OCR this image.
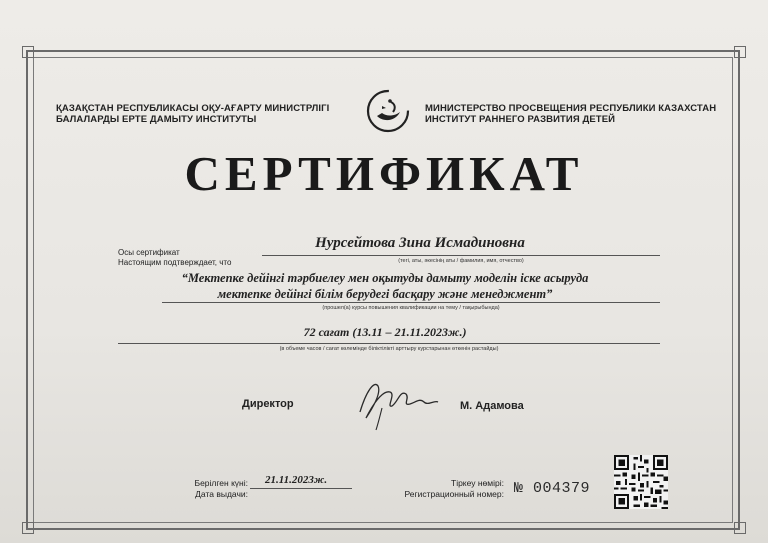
ҚАЗАҚСТАН РЕСПУБЛИКАСЫ ОҚУ-АҒАРТУ МИНИСТРЛІГІ
БАЛАЛАРДЫ ЕРТЕ ДАМЫТУ ИНСТИТУТЫ
МИНИСТЕРСТВО ПРОСВЕЩЕНИЯ РЕСПУБЛИКИ КАЗАХСТАН
ИНСТИТУТ РАННЕГО РАЗВИТИЯ ДЕТЕЙ
СЕРТИФИКАТ
Осы сертификат
Настоящим подтверждает, что
Нурсейтова Зина Исмадиновна
(тегі, аты, әкесінің аты / фамилия, имя, отчество)
“Мектепке дейінгі тәрбиелеу мен оқытуды дамыту моделін іске асыруда
мектепке дейінгі білім берудегі басқару және менеджмент”
(прошел(а) курсы повышения квалификации на тему / тақырыбында)
72 сағат (13.11 – 21.11.2023ж.)
(в объеме часов / сағат көлемінде біліктілікті арттыру курстарынан өткенін растайды)
Директор	М. Адамова
Берілген күні:
Дата выдачи:
21.11.2023ж.	Тіркеу нөмірі:
Регистрационный номер: № 004379
